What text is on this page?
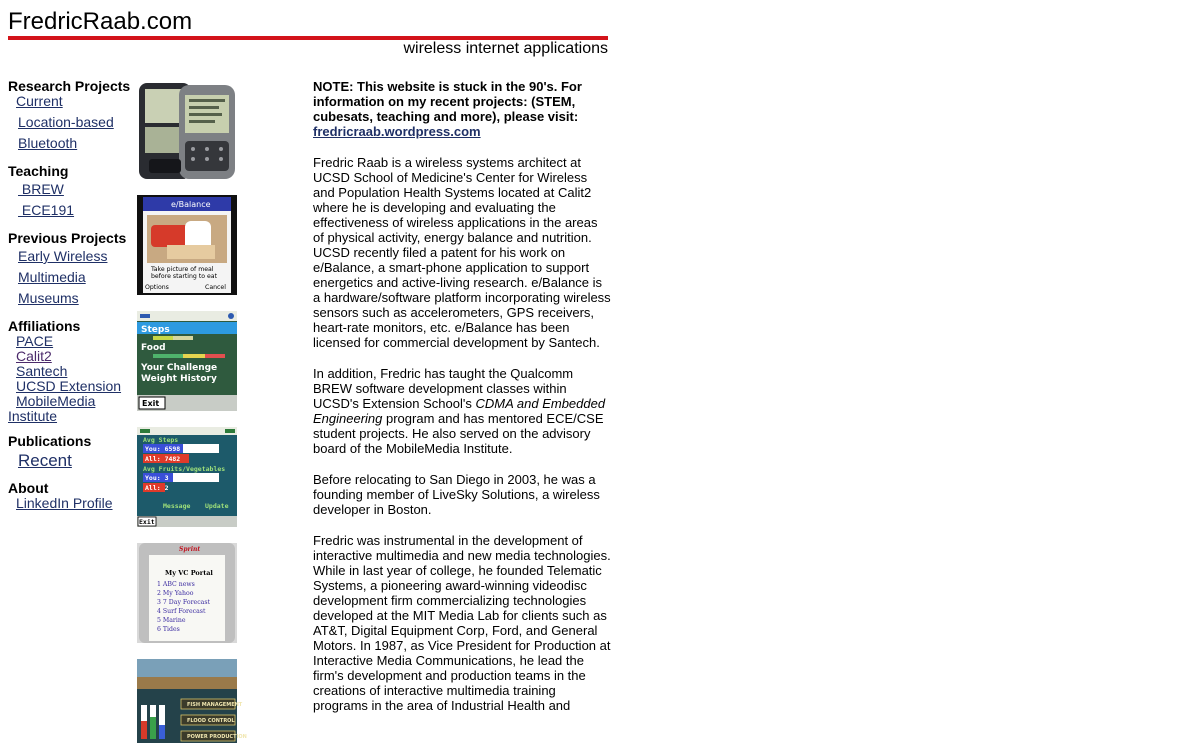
FredricRaab.com
wireless internet applications
Research Projects
Current
Location-based
Bluetooth
Teaching
BREW
ECE191
Previous Projects
Early Wireless
Multimedia
Museums
Affiliations
PACE
Calit2
Santech
UCSD Extension
MobileMedia Institute
Publications
Recent
About
LinkedIn Profile
e/Balance
Take picture of meal
before starting to eat
Options	Cancel
Steps
Food
Your Challenge
Weight History
Exit
Avg Steps
You: 6598
All: 7482
Avg Fruits/Vegetables
You: 3
All: 2
Message Update
Exit
Sprint
My VC Portal
1 ABC news
2 My Yahoo
3 7 Day Forecast
4 Surf Forecast
5 Marine
6 Tides
FISH MANAGEMENT
FLOOD CONTROL
POWER PRODUCTION

NOTE: This website is stuck in the 90's. For information on my recent projects: (STEM, cubesats, teaching and more), please visit: fredricraab.wordpress.com

Fredric Raab is a wireless systems architect at UCSD School of Medicine's Center for Wireless and Population Health Systems located at Calit2 where he is developing and evaluating the effectiveness of wireless applications in the areas of physical activity, energy balance and nutrition. UCSD recently filed a patent for his work on e/Balance, a smart-phone application to support energetics and active-living research. e/Balance is a hardware/software platform incorporating wireless sensors such as accelerometers, GPS receivers, heart-rate monitors, etc. e/Balance has been licensed for commercial development by Santech.

In addition, Fredric has taught the Qualcomm BREW software development classes within UCSD's Extension School's CDMA and Embedded Engineering program and has mentored ECE/CSE student projects. He also served on the advisory board of the MobileMedia Institute.

Before relocating to San Diego in 2003, he was a founding member of LiveSky Solutions, a wireless developer in Boston.

Fredric was instrumental in the development of interactive multimedia and new media technologies. While in last year of college, he founded Telematic Systems, a pioneering award-winning videodisc development firm commercializing technologies developed at the MIT Media Lab for clients such as AT&T, Digital Equipment Corp, Ford, and General Motors. In 1987, as Vice President for Production at Interactive Media Communications, he lead the firm's development and production teams in the creations of interactive multimedia training programs in the area of Industrial Health and
